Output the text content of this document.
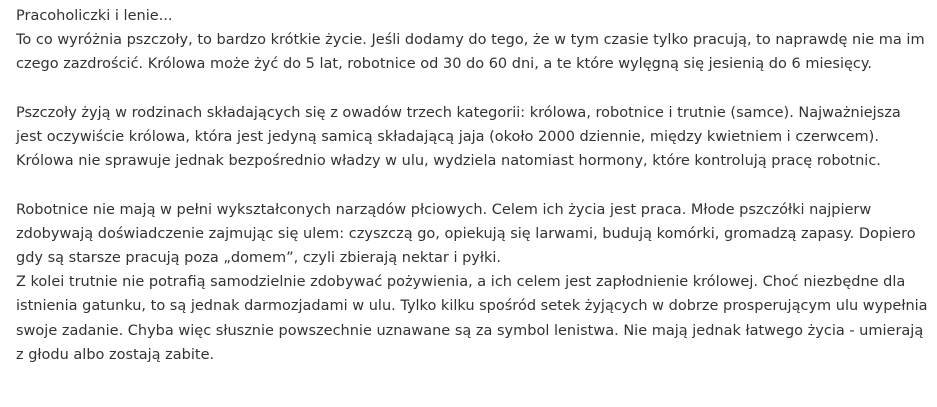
Pracoholiczki i lenie...

To co wyróżnia pszczoły, to bardzo krótkie życie. Jeśli dodamy do tego, że w tym czasie tylko pracują, to naprawdę nie ma im czego zazdrościć. Królowa może żyć do 5 lat, robotnice od 30 do 60 dni, a te które wylęgną się jesienią do 6 miesięcy.

Pszczoły żyją w rodzinach składających się z owadów trzech kategorii: królowa, robotnice i trutnie (samce). Najważniejsza jest oczywiście królowa, która jest jedyną samicą składającą jaja (około 2000 dziennie, między kwietniem i czerwcem). Królowa nie sprawuje jednak bezpośrednio władzy w ulu, wydziela natomiast hormony, które kontrolują pracę robotnic.

Robotnice nie mają w pełni wykształconych narządów płciowych. Celem ich życia jest praca. Młode pszczółki najpierw zdobywają doświadczenie zajmując się ulem: czyszczą go, opiekują się larwami, budują komórki, gromadzą zapasy. Dopiero gdy są starsze pracują poza „domem”, czyli zbierają nektar i pyłki.

Z kolei trutnie nie potrafią samodzielnie zdobywać pożywienia, a ich celem jest zapłodnienie królowej. Choć niezbędne dla istnienia gatunku, to są jednak darmozjadami w ulu. Tylko kilku spośród setek żyjących w dobrze prosperującym ulu wypełnia swoje zadanie. Chyba więc słusznie powszechnie uznawane są za symbol lenistwa. Nie mają jednak łatwego życia - umierają z głodu albo zostają zabite.
